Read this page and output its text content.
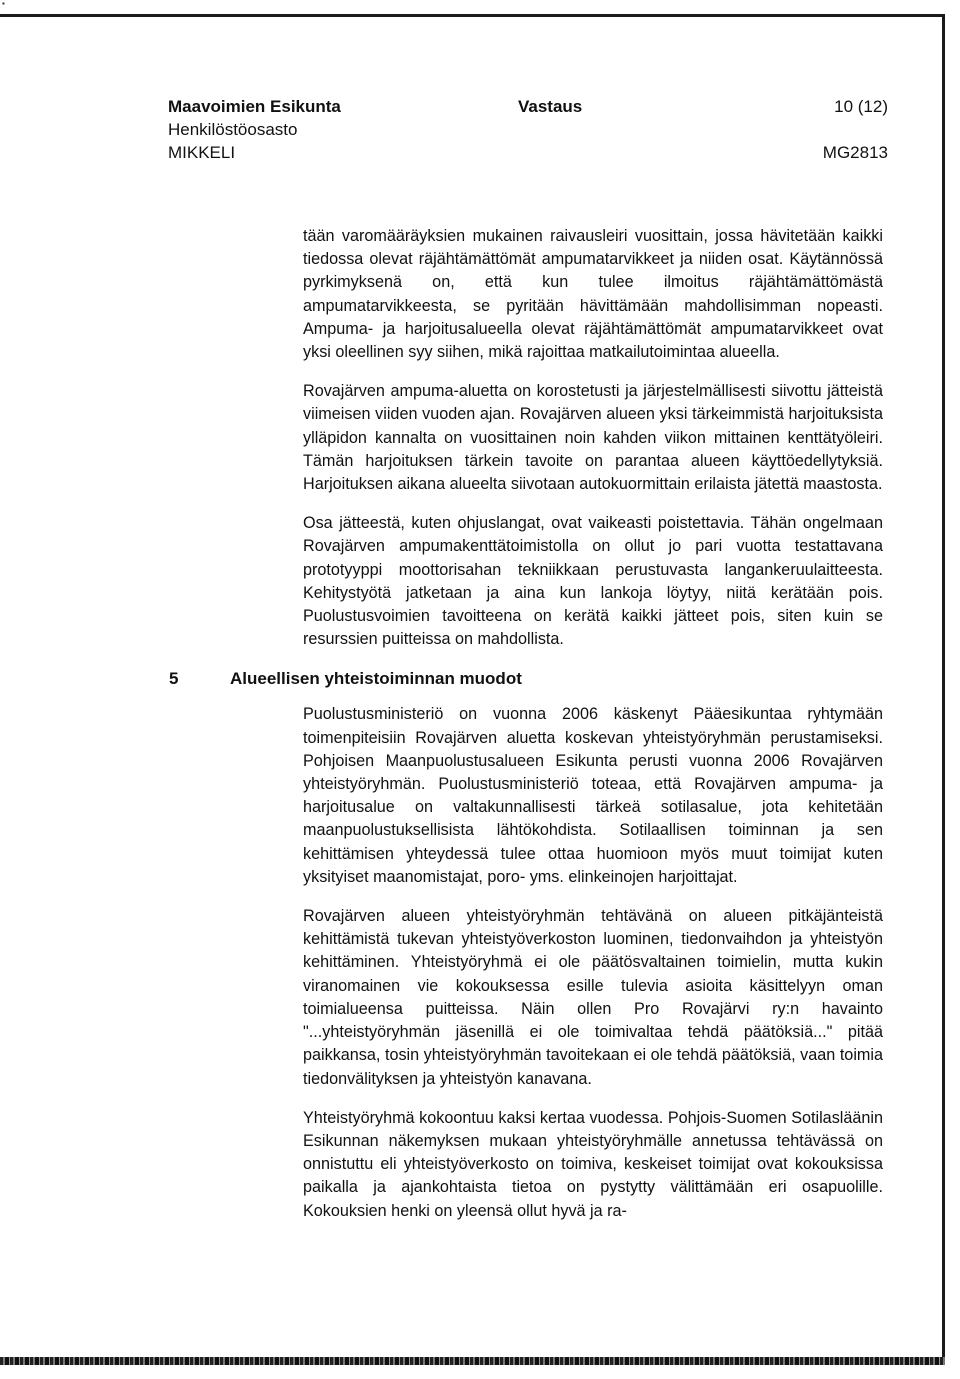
▪
Maavoimien Esikunta
Henkilöstöosasto
MIKKELI
Vastaus	10 (12)
MG2813

tään varomääräyksien mukainen raivausleiri vuosittain, jossa hävitetään kaikki tiedossa olevat räjähtämättömät ampumatarvikkeet ja niiden osat. Käytännössä pyrkimyksenä on, että kun tulee ilmoitus räjähtämättömästä ampumatarvikkeesta, se pyritään hävittämään mahdollisimman nopeasti. Ampuma- ja harjoitusalueella olevat räjähtämättömät ampumatarvikkeet ovat yksi oleellinen syy siihen, mikä rajoittaa matkailutoimintaa alueella.

Rovajärven ampuma-aluetta on korostetusti ja järjestelmällisesti siivottu jätteistä viimeisen viiden vuoden ajan. Rovajärven alueen yksi tärkeimmistä harjoituksista ylläpidon kannalta on vuosittainen noin kahden viikon mittainen kenttätyöleiri. Tämän harjoituksen tärkein tavoite on parantaa alueen käyttöedellytyksiä. Harjoituksen aikana alueelta siivotaan autokuormittain erilaista jätettä maastosta.

Osa jätteestä, kuten ohjuslangat, ovat vaikeasti poistettavia. Tähän ongelmaan Rovajärven ampumakenttätoimistolla on ollut jo pari vuotta testattavana prototyyppi moottorisahan tekniikkaan perustuvasta langankeruulaitteesta. Kehitystyötä jatketaan ja aina kun lankoja löytyy, niitä kerätään pois. Puolustusvoimien tavoitteena on kerätä kaikki jätteet pois, siten kuin se resurssien puitteissa on mahdollista.

5	Alueellisen yhteistoiminnan muodot

Puolustusministeriö on vuonna 2006 käskenyt Pääesikuntaa ryhtymään toimenpiteisiin Rovajärven aluetta koskevan yhteistyöryhmän perustamiseksi. Pohjoisen Maanpuolustusalueen Esikunta perusti vuonna 2006 Rovajärven yhteistyöryhmän. Puolustusministeriö toteaa, että Rovajärven ampuma- ja harjoitusalue on valtakunnallisesti tärkeä sotilasalue, jota kehitetään maanpuolustuksellisista lähtökohdista. Sotilaallisen toiminnan ja sen kehittämisen yhteydessä tulee ottaa huomioon myös muut toimijat kuten yksityiset maanomistajat, poro- yms. elinkeinojen harjoittajat.

Rovajärven alueen yhteistyöryhmän tehtävänä on alueen pitkäjänteistä kehittämistä tukevan yhteistyöverkoston luominen, tiedonvaihdon ja yhteistyön kehittäminen. Yhteistyöryhmä ei ole päätösvaltainen toimielin, mutta kukin viranomainen vie kokouksessa esille tulevia asioita käsittelyyn oman toimialueensa puitteissa. Näin ollen Pro Rovajärvi ry:n havainto "...yhteistyöryhmän jäsenillä ei ole toimivaltaa tehdä päätöksiä..." pitää paikkansa, tosin yhteistyöryhmän tavoitekaan ei ole tehdä päätöksiä, vaan toimia tiedonvälityksen ja yhteistyön kanavana.

Yhteistyöryhmä kokoontuu kaksi kertaa vuodessa. Pohjois-Suomen Sotilasläänin Esikunnan näkemyksen mukaan yhteistyöryhmälle annetussa tehtävässä on onnistuttu eli yhteistyöverkosto on toimiva, keskeiset toimijat ovat kokouksissa paikalla ja ajankohtaista tietoa on pystytty välittämään eri osapuolille. Kokouksien henki on yleensä ollut hyvä ja ra-
